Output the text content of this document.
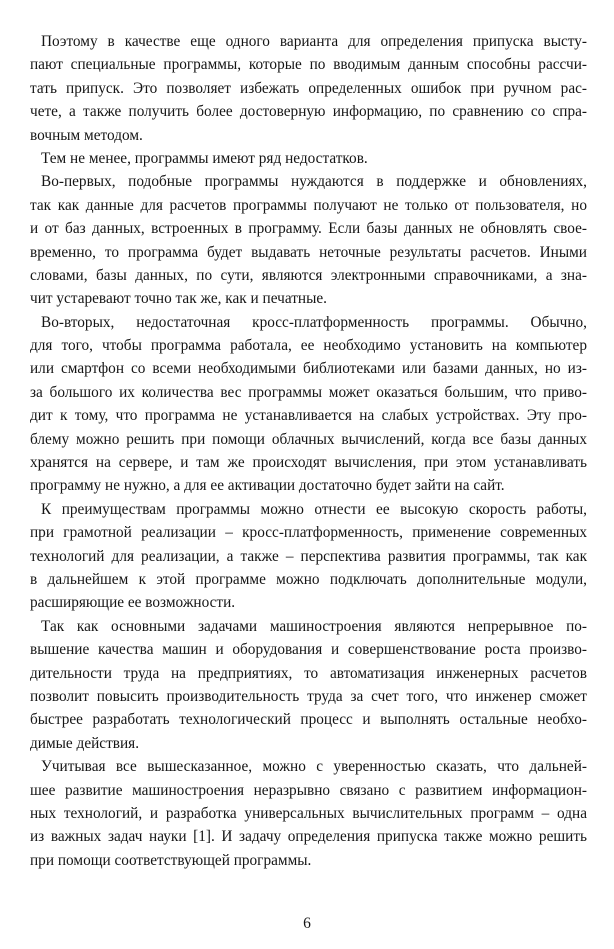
Поэтому в качестве еще одного варианта для определения припуска высту-
пают специальные программы, которые по вводимым данным способны рассчи-
тать припуск. Это позволяет избежать определенных ошибок при ручном рас-
чете, а также получить более достоверную информацию, по сравнению со спра-
вочным методом.
Тем не менее, программы имеют ряд недостатков.
Во-первых, подобные программы нуждаются в поддержке и обновлениях,
так как данные для расчетов программы получают не только от пользователя, но
и от баз данных, встроенных в программу. Если базы данных не обновлять свое-
временно, то программа будет выдавать неточные результаты расчетов. Иными
словами, базы данных, по сути, являются электронными справочниками, а зна-
чит устаревают точно так же, как и печатные.
Во-вторых, недостаточная кросс-платформенность программы. Обычно,
для того, чтобы программа работала, ее необходимо установить на компьютер
или смартфон со всеми необходимыми библиотеками или базами данных, но из-
за большого их количества вес программы может оказаться большим, что приво-
дит к тому, что программа не устанавливается на слабых устройствах. Эту про-
блему можно решить при помощи облачных вычислений, когда все базы данных
хранятся на сервере, и там же происходят вычисления, при этом устанавливать
программу не нужно, а для ее активации достаточно будет зайти на сайт.
К преимуществам программы можно отнести ее высокую скорость работы,
при грамотной реализации – кросс-платформенность, применение современных
технологий для реализации, а также – перспектива развития программы, так как
в дальнейшем к этой программе можно подключать дополнительные модули,
расширяющие ее возможности.
Так как основными задачами машиностроения являются непрерывное по-
вышение качества машин и оборудования и совершенствование роста произво-
дительности труда на предприятиях, то автоматизация инженерных расчетов
позволит повысить производительность труда за счет того, что инженер сможет
быстрее разработать технологический процесс и выполнять остальные необхо-
димые действия.
Учитывая все вышесказанное, можно с уверенностью сказать, что дальней-
шее развитие машиностроения неразрывно связано с развитием информацион-
ных технологий, и разработка универсальных вычислительных программ – одна
из важных задач науки [1]. И задачу определения припуска также можно решить
при помощи соответствующей программы.
6
